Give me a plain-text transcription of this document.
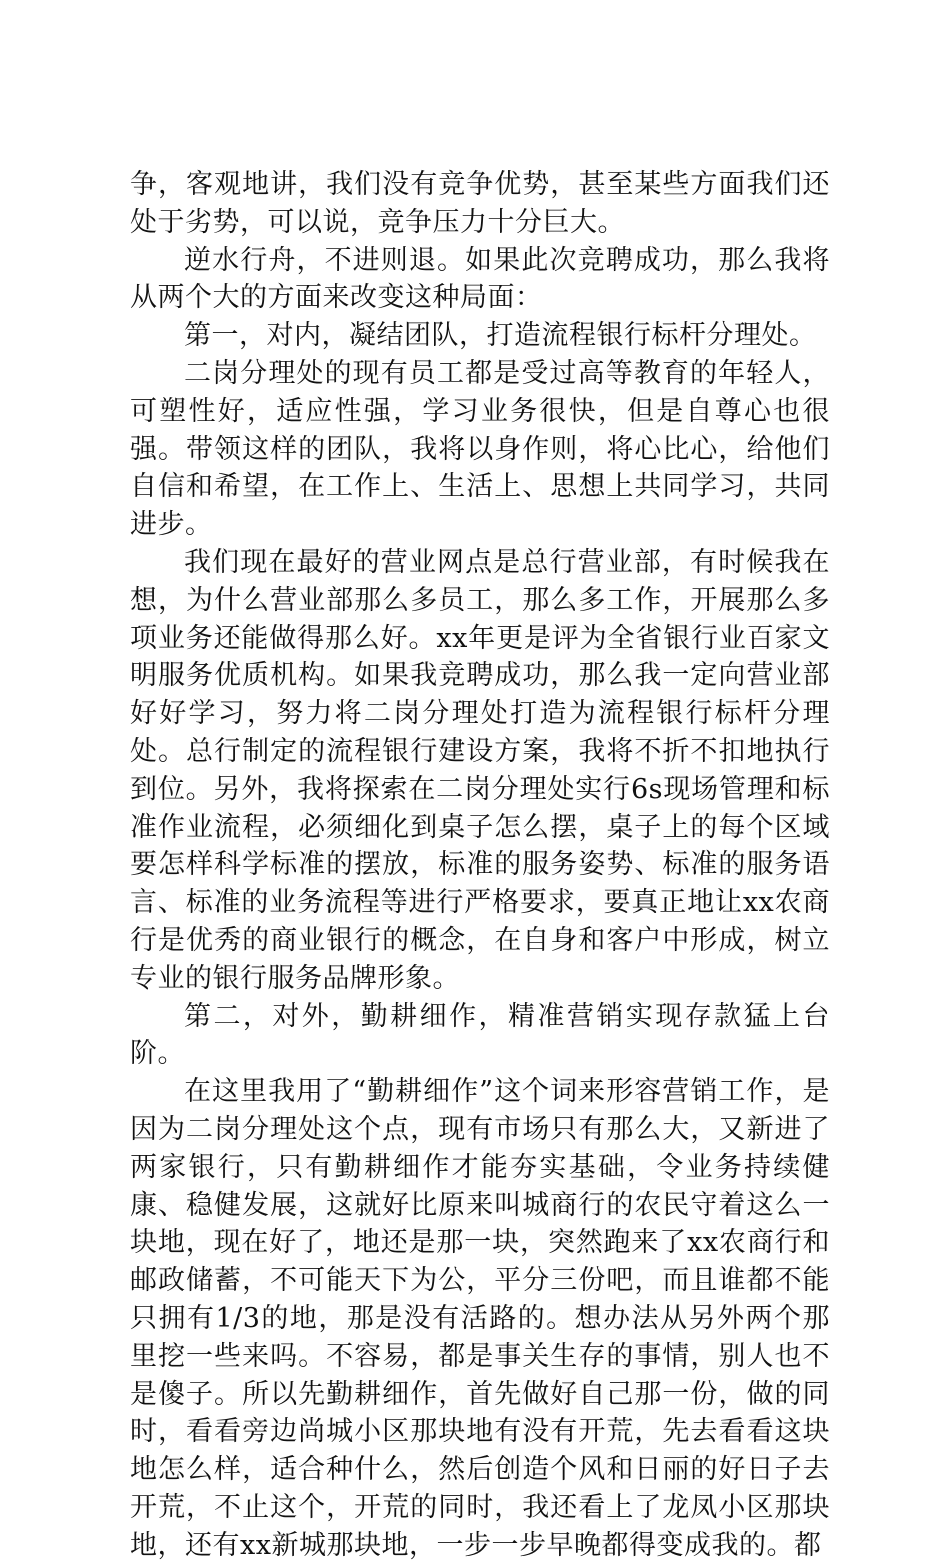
争，客观地讲，我们没有竞争优势，甚至某些方面我们还处于劣势，可以说，竞争压力十分巨大。

逆水行舟，不进则退。如果此次竞聘成功，那么我将从两个大的方面来改变这种局面：

第一，对内，凝结团队，打造流程银行标杆分理处。

二岗分理处的现有员工都是受过高等教育的年轻人，可塑性好，适应性强，学习业务很快，但是自尊心也很强。带领这样的团队，我将以身作则，将心比心，给他们自信和希望，在工作上、生活上、思想上共同学习，共同进步。

我们现在最好的营业网点是总行营业部，有时候我在想，为什么营业部那么多员工，那么多工作，开展那么多项业务还能做得那么好。xx年更是评为全省银行业百家文明服务优质机构。如果我竞聘成功，那么我一定向营业部好好学习，努力将二岗分理处打造为流程银行标杆分理处。总行制定的流程银行建设方案，我将不折不扣地执行到位。另外，我将探索在二岗分理处实行6s现场管理和标准作业流程，必须细化到桌子怎么摆，桌子上的每个区域要怎样科学标准的摆放，标准的服务姿势、标准的服务语言、标准的业务流程等进行严格要求，要真正地让xx农商行是优秀的商业银行的概念，在自身和客户中形成，树立专业的银行服务品牌形象。

第二，对外，勤耕细作，精准营销实现存款猛上台阶。

在这里我用了“勤耕细作”这个词来形容营销工作，是因为二岗分理处这个点，现有市场只有那么大，又新进了两家银行，只有勤耕细作才能夯实基础，令业务持续健康、稳健发展，这就好比原来叫城商行的农民守着这么一块地，现在好了，地还是那一块，突然跑来了xx农商行和邮政储蓄，不可能天下为公，平分三份吧，而且谁都不能只拥有1/3的地，那是没有活路的。想办法从另外两个那里挖一些来吗。不容易，都是事关生存的事情，别人也不是傻子。所以先勤耕细作，首先做好自己那一份，做的同时，看看旁边尚城小区那块地有没有开荒，先去看看这块地怎么样，适合种什么，然后创造个风和日丽的好日子去开荒，不止这个，开荒的同时，我还看上了龙凤小区那块地，还有xx新城那块地，一步一步早晚都得变成我的。都
